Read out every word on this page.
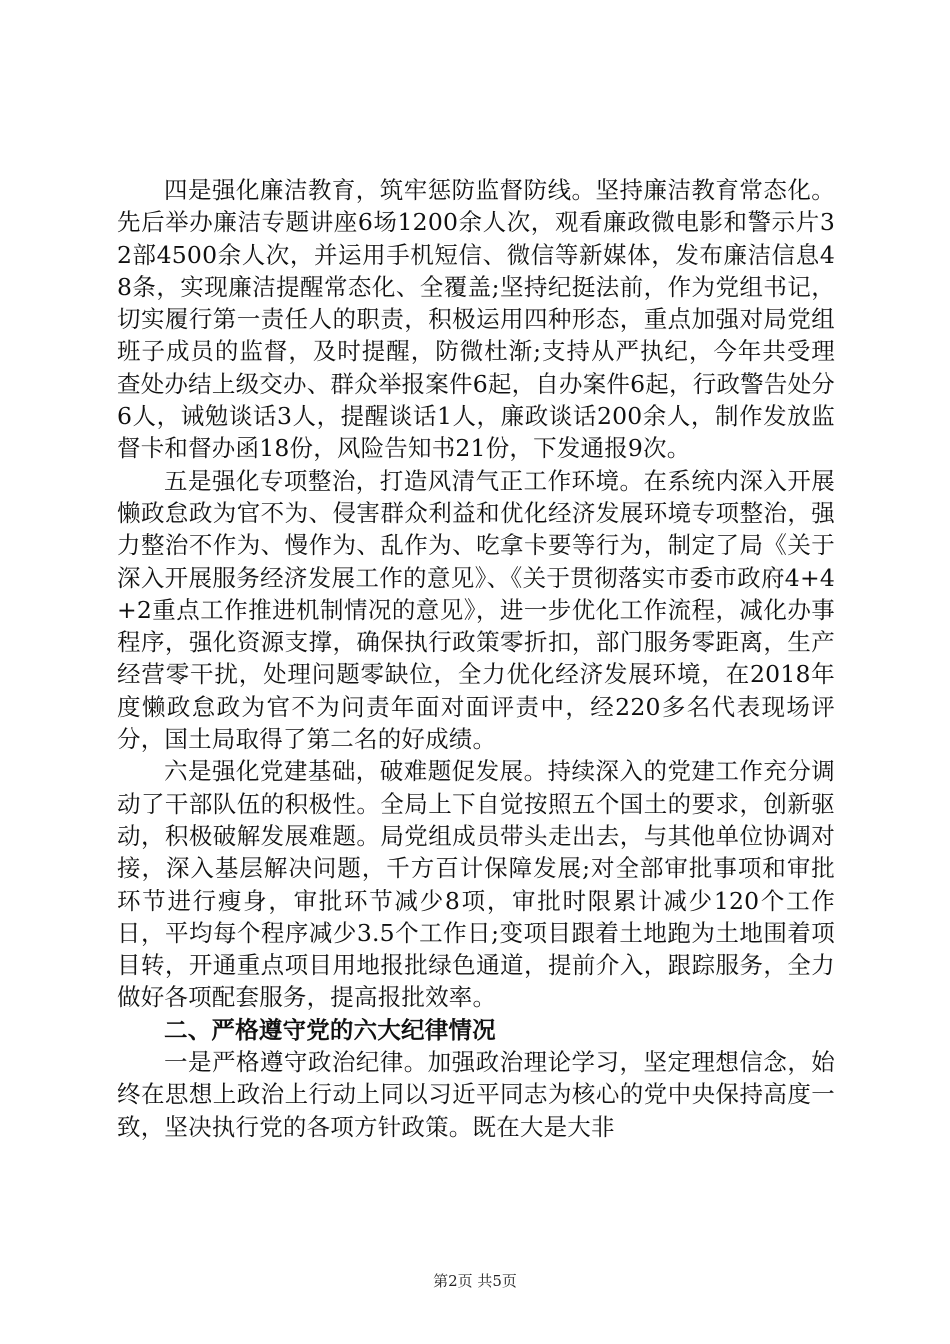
四是强化廉洁教育，筑牢惩防监督防线。坚持廉洁教育常态化。先后举办廉洁专题讲座6场1200余人次，观看廉政微电影和警示片32部4500余人次，并运用手机短信、微信等新媒体，发布廉洁信息48条，实现廉洁提醒常态化、全覆盖;坚持纪挺法前，作为党组书记，切实履行第一责任人的职责，积极运用四种形态，重点加强对局党组班子成员的监督，及时提醒，防微杜渐;支持从严执纪，今年共受理查处办结上级交办、群众举报案件6起，自办案件6起，行政警告处分6人，诫勉谈话3人，提醒谈话1人，廉政谈话200余人，制作发放监督卡和督办函18份，风险告知书21份，下发通报9次。

五是强化专项整治，打造风清气正工作环境。在系统内深入开展懒政怠政为官不为、侵害群众利益和优化经济发展环境专项整治，强力整治不作为、慢作为、乱作为、吃拿卡要等行为，制定了局《关于深入开展服务经济发展工作的意见》、《关于贯彻落实市委市政府4+4+2重点工作推进机制情况的意见》，进一步优化工作流程，减化办事程序，强化资源支撑，确保执行政策零折扣，部门服务零距离，生产经营零干扰，处理问题零缺位，全力优化经济发展环境，在2018年度懒政怠政为官不为问责年面对面评责中，经220多名代表现场评分，国土局取得了第二名的好成绩。

六是强化党建基础，破难题促发展。持续深入的党建工作充分调动了干部队伍的积极性。全局上下自觉按照五个国土的要求，创新驱动，积极破解发展难题。局党组成员带头走出去，与其他单位协调对接，深入基层解决问题，千方百计保障发展;对全部审批事项和审批环节进行瘦身，审批环节减少8项，审批时限累计减少120个工作日，平均每个程序减少3.5个工作日;变项目跟着土地跑为土地围着项目转，开通重点项目用地报批绿色通道，提前介入，跟踪服务，全力做好各项配套服务，提高报批效率。

二、严格遵守党的六大纪律情况

一是严格遵守政治纪律。加强政治理论学习，坚定理想信念，始终在思想上政治上行动上同以习近平同志为核心的党中央保持高度一致，坚决执行党的各项方针政策。既在大是大非

第2页 共5页
